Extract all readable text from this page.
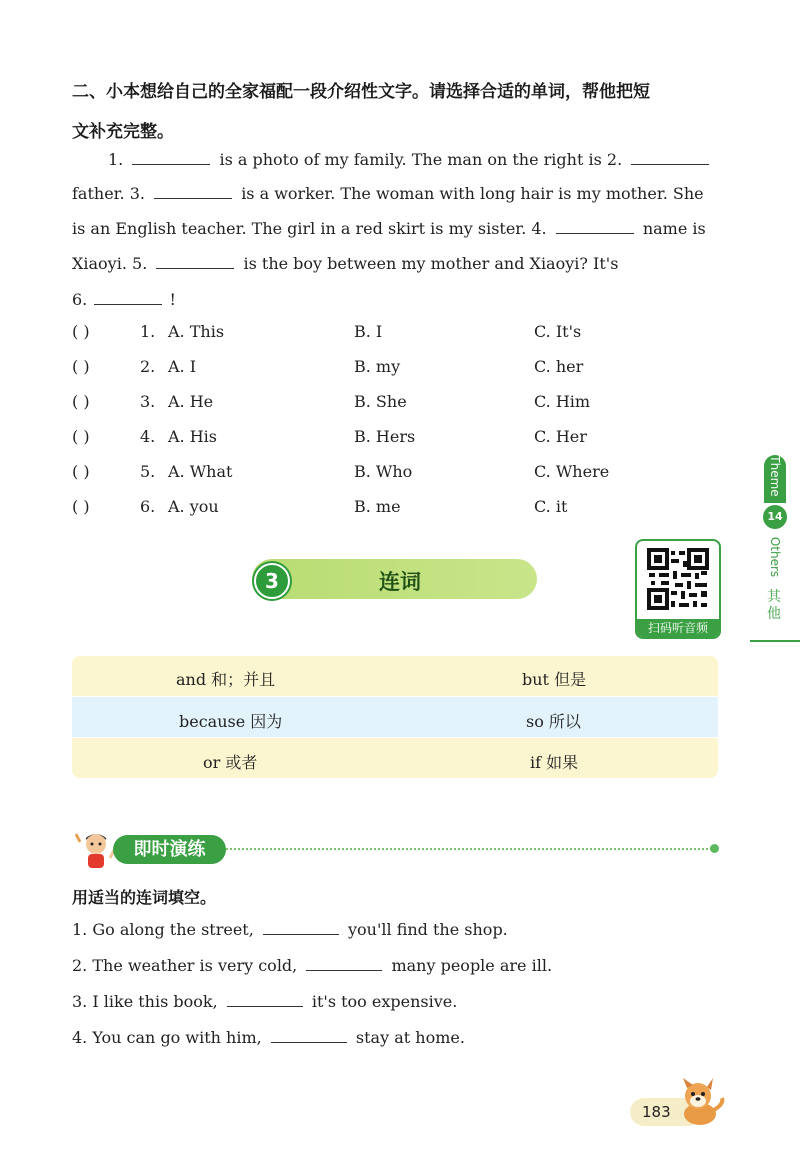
二、小本想给自己的全家福配一段介绍性文字。请选择合适的单词，帮他把短
文补充完整。
1.	is a photo of my family. The man on the right is 2.
father. 3.	is a worker. The woman with long hair is my mother. She
is an English teacher. The girl in a red skirt is my sister. 4.	name is
Xiaoyi. 5.	is the boy between my mother and Xiaoyi? It's
6.	!
( )	1. A. This	B. I	C. It's
( )	2. A. I	B. my	C. her
( )	3. A. He	B. She	C. Him
( )	4. A. His	B. Hers	C. Her
( )	5. A. What	B. Who	C. Where
( )	6. A. you	B. me	C. it
3	连词
扫码听音频
and 和；并且	but 但是
because 因为	so 所以
or 或者	if 如果
即时演练
用适当的连词填空。
1. Go along the street,	you'll find the shop.
2. The weather is very cold,	many people are ill.
3. I like this book,	it's too expensive.
4. You can go with him,	stay at home.
Theme
14
Others
其他
183
